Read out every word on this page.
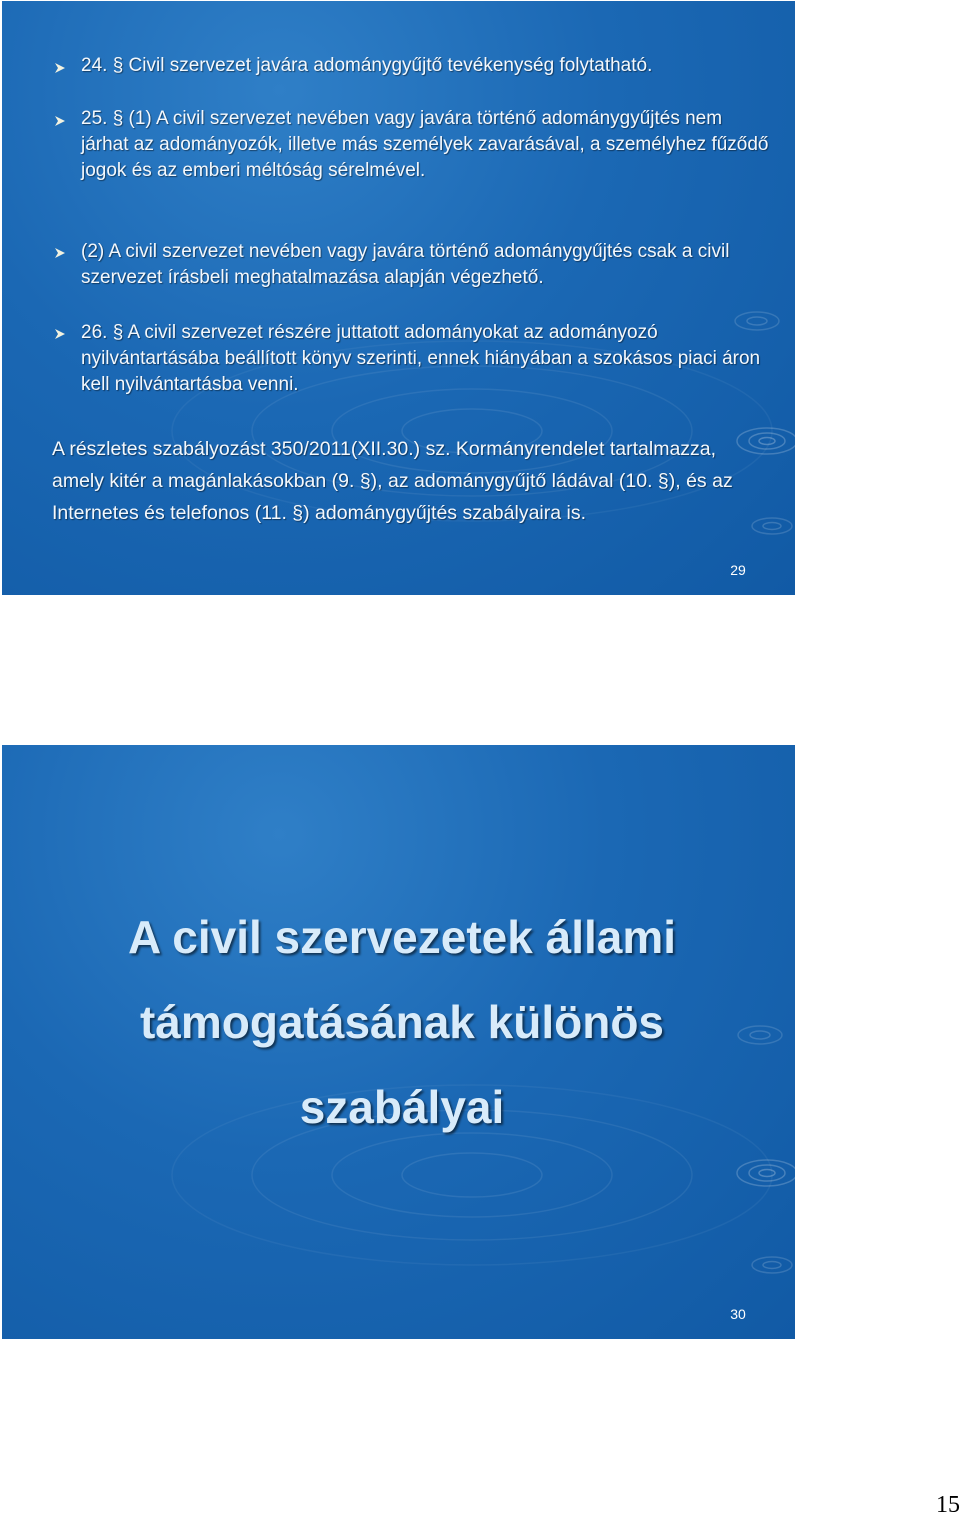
24. § Civil szervezet javára adománygyűjtő tevékenység folytatható.
25. § (1) A civil szervezet nevében vagy javára történő adománygyűjtés nem járhat az adományozók, illetve más személyek zavarásával, a személyhez fűződő jogok és az emberi méltóság sérelmével.
(2) A civil szervezet nevében vagy javára történő adománygyűjtés csak a civil szervezet írásbeli meghatalmazása alapján végezhető.
26. § A civil szervezet részére juttatott adományokat az adományozó nyilvántartásába beállított könyv szerinti, ennek hiányában a szokásos piaci áron kell nyilvántartásba venni.
A részletes szabályozást 350/2011(XII.30.) sz. Kormányrendelet tartalmazza, amely kitér a magánlakásokban (9. §), az adománygyűjtő ládával (10. §), és az Internetes és telefonos (11. §) adománygyűjtés szabályaira is.
29
A civil szervezetek állami
támogatásának különös
szabályai
30
15
